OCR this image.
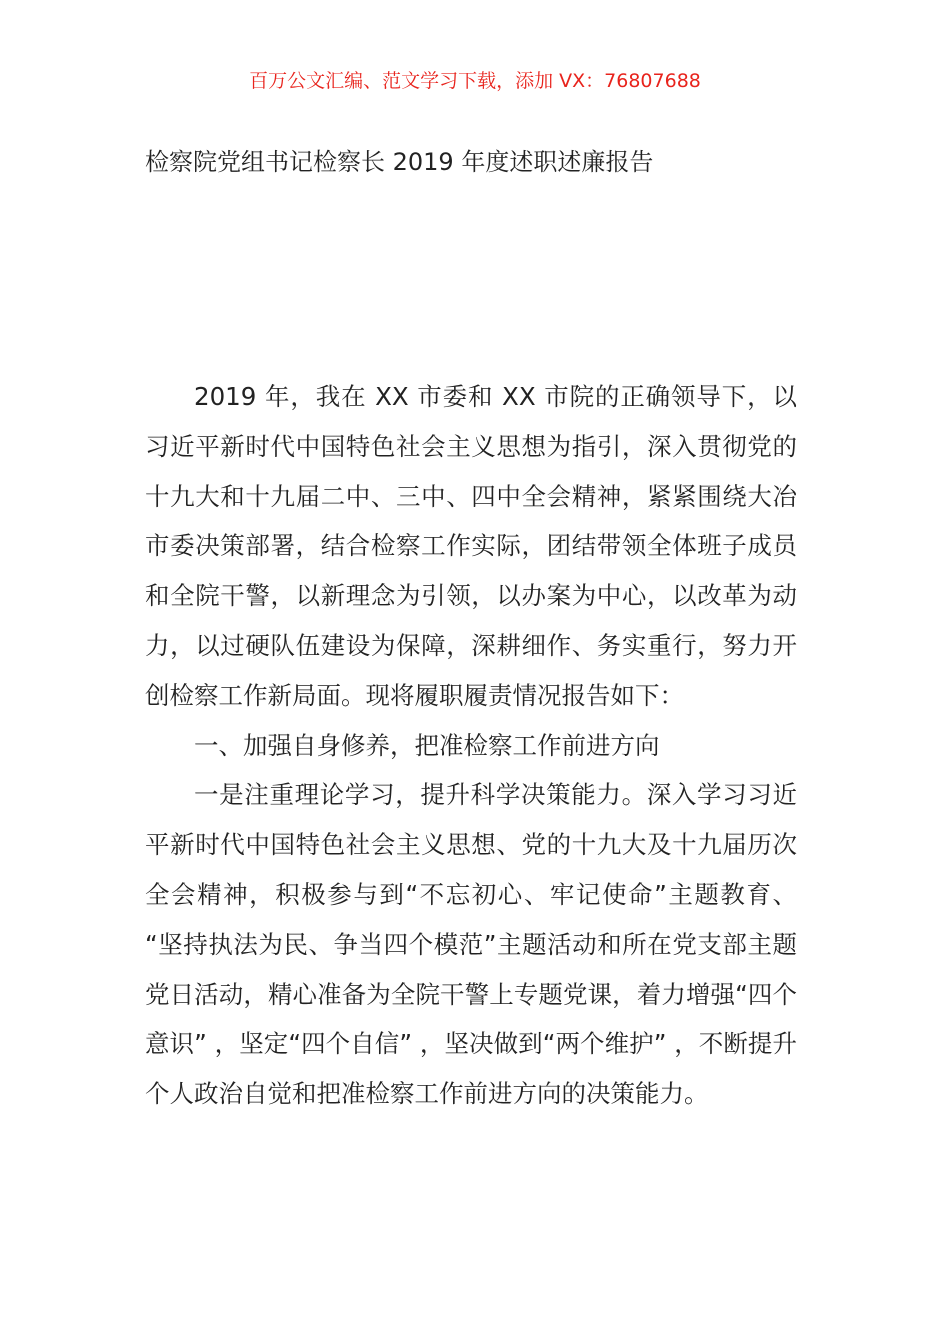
百万公文汇编、范文学习下载，添加 VX：76807688
检察院党组书记检察长 2019 年度述职述廉报告

2019 年，我在 XX 市委和 XX 市院的正确领导下，以习近平新时代中国特色社会主义思想为指引，深入贯彻党的十九大和十九届二中、三中、四中全会精神，紧紧围绕大冶市委决策部署，结合检察工作实际，团结带领全体班子成员和全院干警，以新理念为引领，以办案为中心，以改革为动力，以过硬队伍建设为保障，深耕细作、务实重行，努力开创检察工作新局面。现将履职履责情况报告如下：

一、加强自身修养，把准检察工作前进方向

一是注重理论学习，提升科学决策能力。深入学习习近平新时代中国特色社会主义思想、党的十九大及十九届历次全会精神，积极参与到“不忘初心、牢记使命”主题教育、 “坚持执法为民、争当四个模范”主题活动和所在党支部主题党日活动，精心准备为全院干警上专题党课，着力增强“四个意识” ，坚定“四个自信” ，坚决做到“两个维护” ，不断提升个人政治自觉和把准检察工作前进方向的决策能力。
